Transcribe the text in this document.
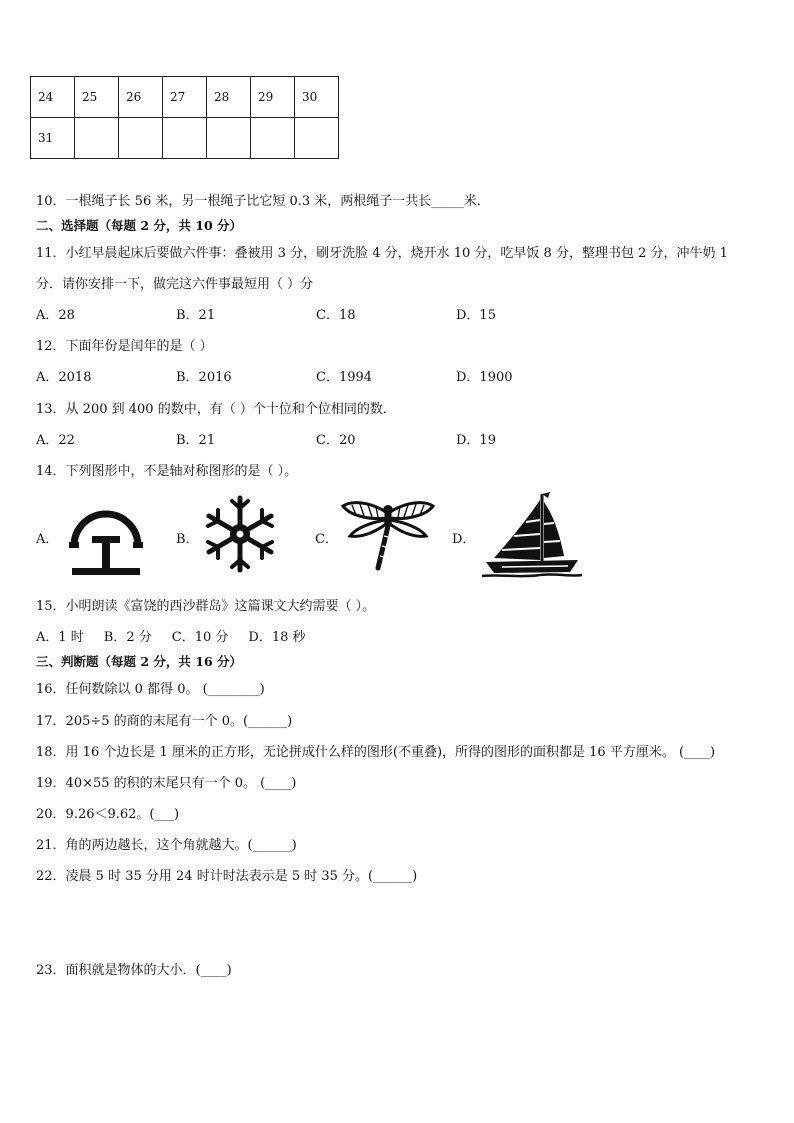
24	25	26	27	28	29	30
31						
10．一根绳子长 56 米，另一根绳子比它短 0.3 米，两根绳子一共长_____米．
二、选择题（每题 2 分，共 10 分）
11．小红早晨起床后要做六件事：叠被用 3 分，刷牙洗脸 4 分，烧开水 10 分，吃早饭 8 分，整理书包 2 分，冲牛奶 1
分．请你安排一下，做完这六件事最短用（ ）分
A．28	B．21	C．18	D．15
12．下面年份是闰年的是（ ）
A．2018	B．2016	C．1994	D．1900
13．从 200 到 400 的数中，有（ ）个十位和个位相同的数．
A．22	B．21	C．20	D．19
14．下列图形中，不是轴对称图形的是（ ）。
A．	B．	C．	D．
15．小明朗读《富饶的西沙群岛》这篇课文大约需要（ ）。
A．1 时 B．2 分 C．10 分 D．18 秒
三、判断题（每题 2 分，共 16 分）
16．任何数除以 0 都得 0。 (________)
17．205÷5 的商的末尾有一个 0。(______)
18．用 16 个边长是 1 厘米的正方形，无论拼成什么样的图形(不重叠)，所得的图形的面积都是 16 平方厘米。 (____)
19．40×55 的积的末尾只有一个 0。 (____)
20．9.26＜9.62。(___)
21．角的两边越长，这个角就越大。(______)
22．凌晨 5 时 35 分用 24 时计时法表示是 5 时 35 分。(______)
23．面积就是物体的大小．(____)
